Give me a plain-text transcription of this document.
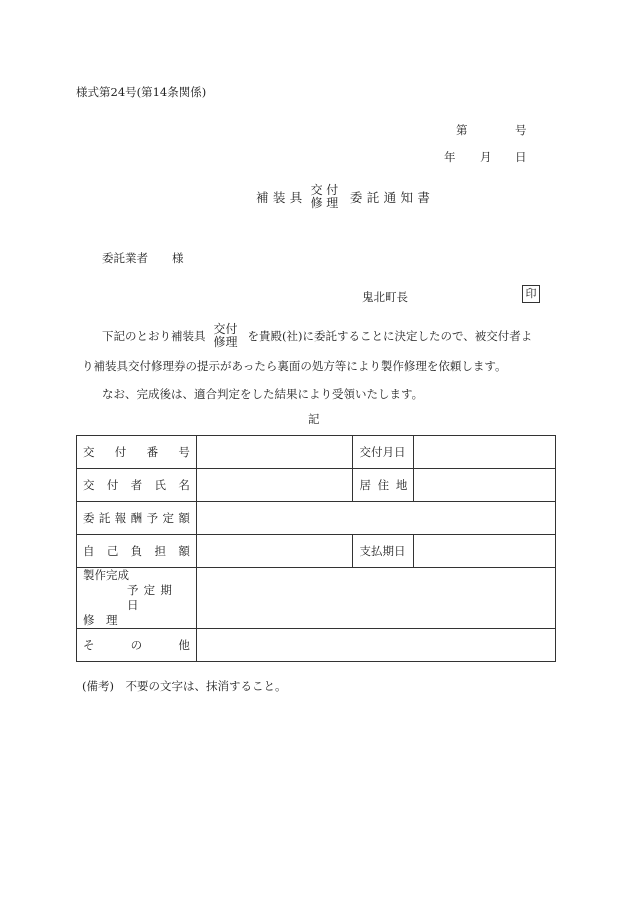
様式第24号(第14条関係)
第	号
年 月 日
補装具 交付
修理 委託通知書
委託業者 様
鬼北町長	印
下記のとおり補装具 交付
修理 を貴殿(社)に委託することに決定したので、被交付者よ
り補装具交付修理券の提示があったら裏面の処方等により製作修理を依頼します。
なお、完成後は、適合判定をした結果により受領いたします。
記
交付番号		交付月日	
交付者氏名		居住地	
委託報酬予定額			
自己負担額		支払期日	

製作完成
予定期日
修理			

その他			
(備考)　不要の文字は、抹消すること。
